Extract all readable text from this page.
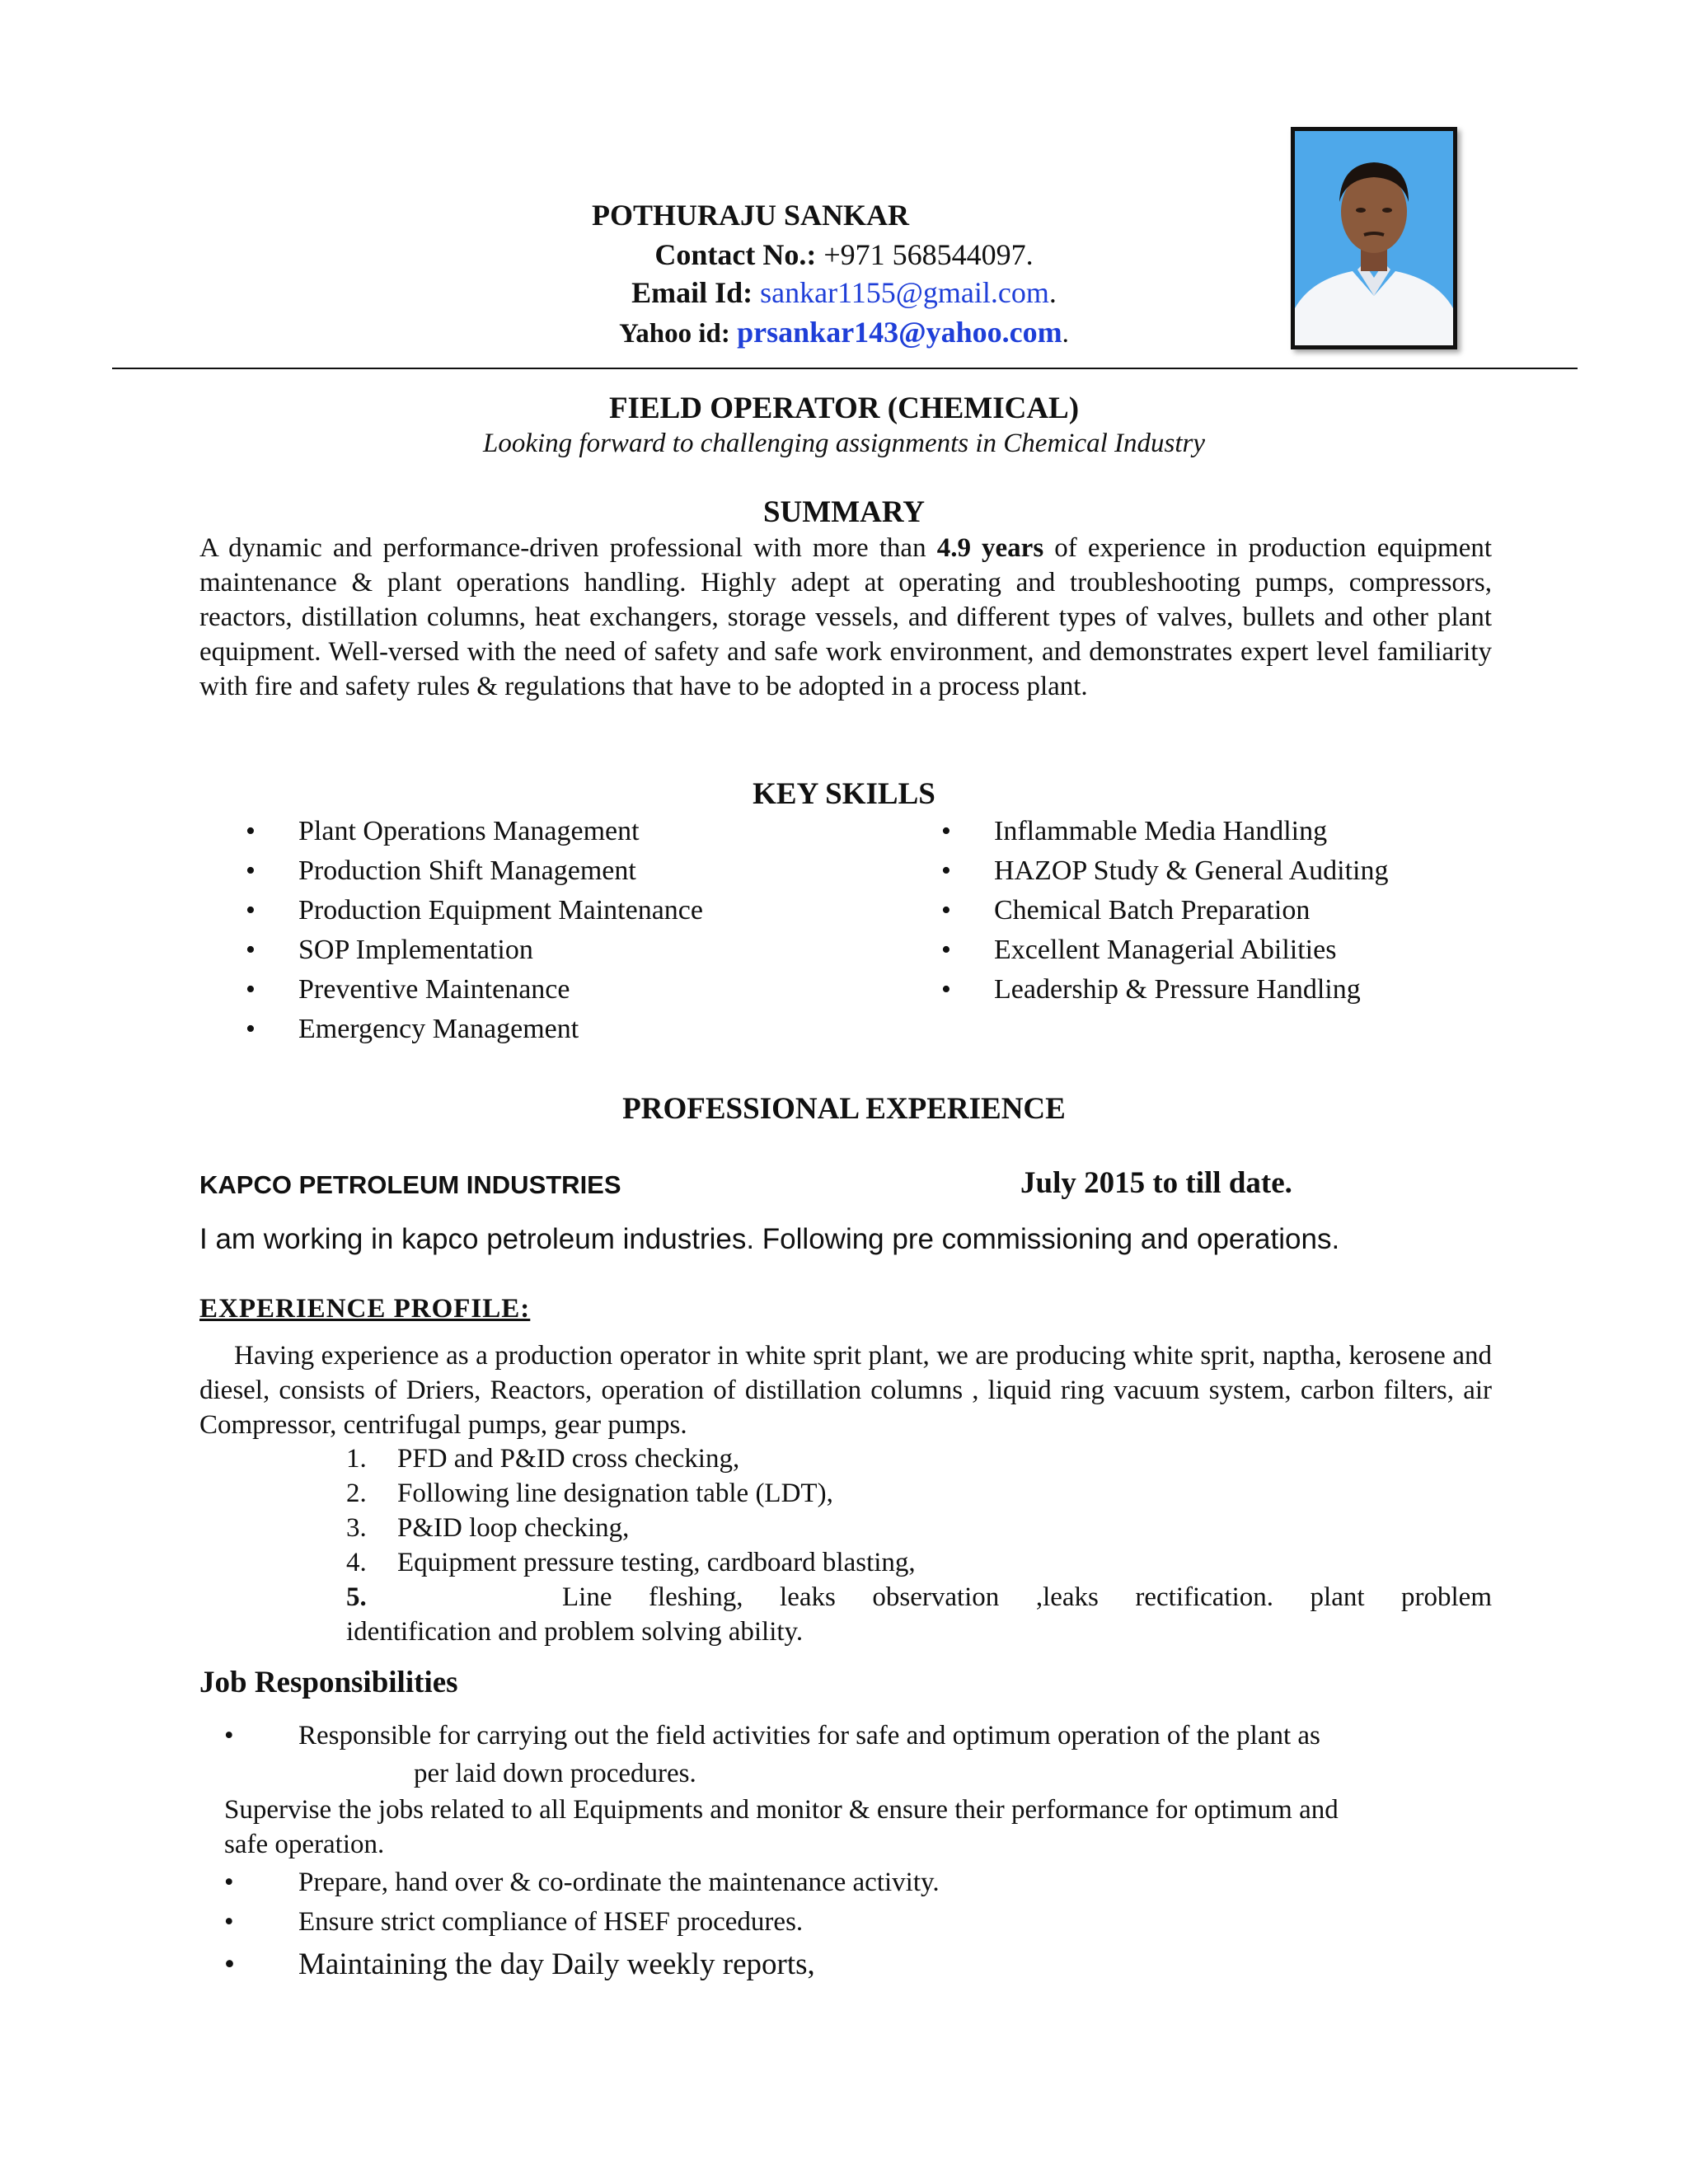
POTHURAJU SANKAR
Contact No.: +971 568544097.
Email Id: sankar1155@gmail.com.
Yahoo id: prsankar143@yahoo.com.
FIELD OPERATOR (CHEMICAL)
Looking forward to challenging assignments in Chemical Industry
SUMMARY
A dynamic and performance-driven professional with more than 4.9 years of experience in production equipment maintenance & plant operations handling. Highly adept at operating and troubleshooting pumps, compressors, reactors, distillation columns, heat exchangers, storage vessels, and different types of valves, bullets and other plant equipment. Well-versed with the need of safety and safe work environment, and demonstrates expert level familiarity with fire and safety rules & regulations that have to be adopted in a process plant.
KEY SKILLS
• Plant Operations Management
• Production Shift Management
• Production Equipment Maintenance
• SOP Implementation
• Preventive Maintenance
• Emergency Management
• Inflammable Media Handling
• HAZOP Study & General Auditing
• Chemical Batch Preparation
• Excellent Managerial Abilities
• Leadership & Pressure Handling
PROFESSIONAL EXPERIENCE
KAPCO PETROLEUM INDUSTRIES	July 2015 to till date.
I am working in kapco petroleum industries. Following pre commissioning and operations.
EXPERIENCE PROFILE:
Having experience as a production operator in white sprit plant, we are producing white sprit, naptha, kerosene and diesel, consists of Driers, Reactors, operation of distillation columns , liquid ring vacuum system, carbon filters, air Compressor, centrifugal pumps, gear pumps.
1. PFD and P&ID cross checking,
2. Following line designation table (LDT),
3. P&ID loop checking,
4. Equipment pressure testing, cardboard blasting,
5.	Line fleshing, leaks observation ,leaks rectification. plant problem
identification and problem solving ability.
Job Responsibilities
• Responsible for carrying out the field activities for safe and optimum operation of the plant as
per laid down procedures.
Supervise the jobs related to all Equipments and monitor & ensure their performance for optimum and
safe operation.
• Prepare, hand over & co-ordinate the maintenance activity.
• Ensure strict compliance of HSEF procedures.
• Maintaining the day Daily weekly reports,
